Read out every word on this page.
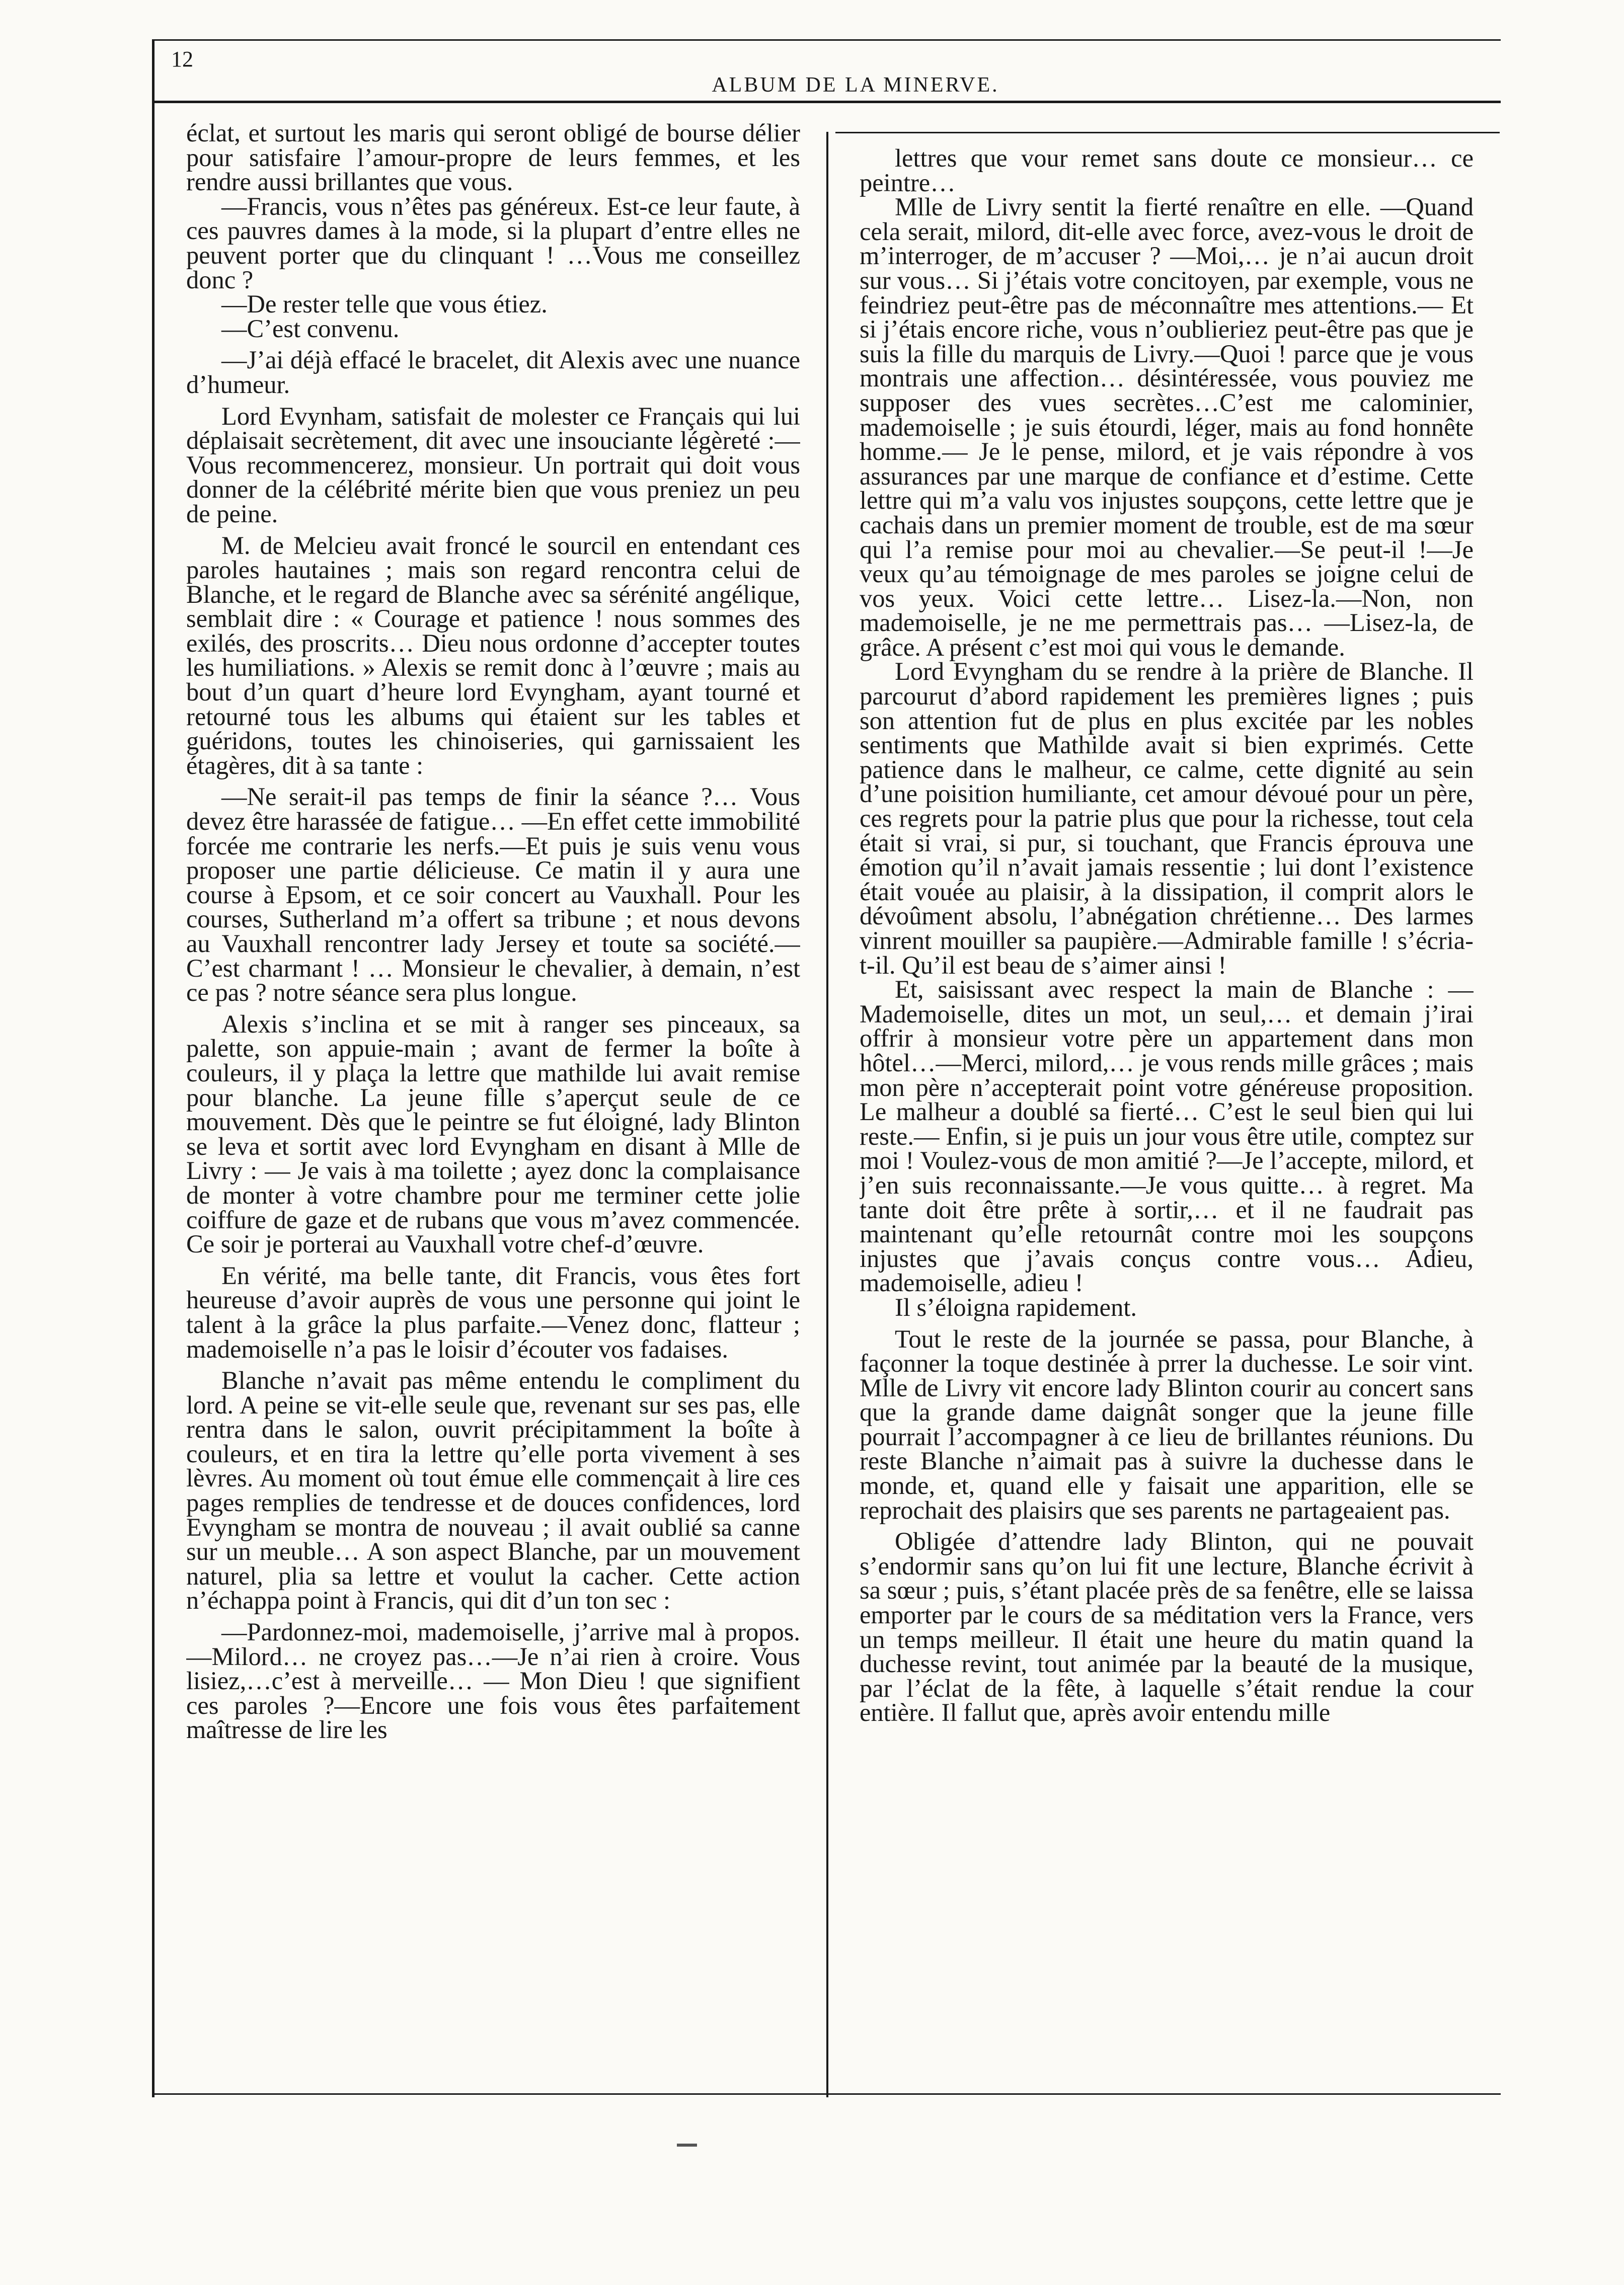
12
ALBUM DE LA MINERVE.

éclat, et surtout les maris qui seront obligé de bourse délier pour satisfaire l’amour-propre de leurs femmes, et les rendre aussi brillantes que vous.

—Francis, vous n’êtes pas généreux. Est-ce leur faute, à ces pauvres dames à la mode, si la plupart d’entre elles ne peuvent porter que du clinquant ! …Vous me conseillez donc ?

—De rester telle que vous étiez.

—C’est convenu.

—J’ai déjà effacé le bracelet, dit Alexis avec une nuance d’humeur.

Lord Evynham, satisfait de molester ce Français qui lui déplaisait secrètement, dit avec une insouciante légèreté :—Vous recommencerez, monsieur. Un portrait qui doit vous donner de la célébrité mérite bien que vous preniez un peu de peine.

M. de Melcieu avait froncé le sourcil en entendant ces paroles hautaines ; mais son regard rencontra celui de Blanche, et le regard de Blanche avec sa sérénité angélique, semblait dire : « Courage et patience ! nous sommes des exilés, des proscrits… Dieu nous ordonne d’accepter toutes les humiliations. » Alexis se remit donc à l’œuvre ; mais au bout d’un quart d’heure lord Evyngham, ayant tourné et retourné tous les albums qui étaient sur les tables et guéridons, toutes les chinoiseries, qui garnissaient les étagères, dit à sa tante :

—Ne serait-il pas temps de finir la séance ?… Vous devez être harassée de fatigue… —En effet cette immobilité forcée me contrarie les nerfs.—Et puis je suis venu vous proposer une partie délicieuse. Ce matin il y aura une course à Epsom, et ce soir concert au Vauxhall. Pour les courses, Sutherland m’a offert sa tribune ; et nous devons au Vauxhall rencontrer lady Jersey et toute sa société.— C’est charmant ! … Monsieur le chevalier, à demain, n’est ce pas ? notre séance sera plus longue.

Alexis s’inclina et se mit à ranger ses pinceaux, sa palette, son appuie-main ; avant de fermer la boîte à couleurs, il y plaça la lettre que mathilde lui avait remise pour blanche. La jeune fille s’aperçut seule de ce mouvement. Dès que le peintre se fut éloigné, lady Blinton se leva et sortit avec lord Evyngham en disant à Mlle de Livry : — Je vais à ma toilette ; ayez donc la complaisance de monter à votre chambre pour me terminer cette jolie coiffure de gaze et de rubans que vous m’avez commencée. Ce soir je porterai au Vauxhall votre chef-d’œuvre.

En vérité, ma belle tante, dit Francis, vous êtes fort heureuse d’avoir auprès de vous une personne qui joint le talent à la grâce la plus parfaite.—Venez donc, flatteur ; mademoiselle n’a pas le loisir d’écouter vos fadaises.

Blanche n’avait pas même entendu le compliment du lord. A peine se vit-elle seule que, revenant sur ses pas, elle rentra dans le salon, ouvrit précipitamment la boîte à couleurs, et en tira la lettre qu’elle porta vivement à ses lèvres. Au moment où tout émue elle commençait à lire ces pages remplies de tendresse et de douces confidences, lord Evyngham se montra de nouveau ; il avait oublié sa canne sur un meuble… A son aspect Blanche, par un mouvement naturel, plia sa lettre et voulut la cacher. Cette action n’échappa point à Francis, qui dit d’un ton sec :

—Pardonnez-moi, mademoiselle, j’arrive mal à propos.—Milord… ne croyez pas…—Je n’ai rien à croire. Vous lisiez,…c’est à merveille… — Mon Dieu ! que signifient ces paroles ?—Encore une fois vous êtes parfaitement maîtresse de lire les

lettres que vour remet sans doute ce monsieur… ce peintre…

Mlle de Livry sentit la fierté renaître en elle. —Quand cela serait, milord, dit-elle avec force, avez-vous le droit de m’interroger, de m’accuser ? —Moi,… je n’ai aucun droit sur vous… Si j’étais votre concitoyen, par exemple, vous ne feindriez peut-être pas de méconnaître mes attentions.— Et si j’étais encore riche, vous n’oublieriez peut-être pas que je suis la fille du marquis de Livry.—Quoi ! parce que je vous montrais une affection… désintéressée, vous pouviez me supposer des vues secrètes…C’est me calominier, mademoiselle ; je suis étourdi, léger, mais au fond honnête homme.— Je le pense, milord, et je vais répondre à vos assurances par une marque de confiance et d’estime. Cette lettre qui m’a valu vos injustes soupçons, cette lettre que je cachais dans un premier moment de trouble, est de ma sœur qui l’a remise pour moi au chevalier.—Se peut-il !—Je veux qu’au témoignage de mes paroles se joigne celui de vos yeux. Voici cette lettre… Lisez-la.—Non, non mademoiselle, je ne me permettrais pas… —Lisez-la, de grâce. A présent c’est moi qui vous le demande.

Lord Evyngham du se rendre à la prière de Blanche. Il parcourut d’abord rapidement les premières lignes ; puis son attention fut de plus en plus excitée par les nobles sentiments que Mathilde avait si bien exprimés. Cette patience dans le malheur, ce calme, cette dignité au sein d’une poisition humiliante, cet amour dévoué pour un père, ces regrets pour la patrie plus que pour la richesse, tout cela était si vrai, si pur, si touchant, que Francis éprouva une émotion qu’il n’avait jamais ressentie ; lui dont l’existence était vouée au plaisir, à la dissipation, il comprit alors le dévoûment absolu, l’abnégation chrétienne… Des larmes vinrent mouiller sa paupière.—Admirable famille ! s’écria-t-il. Qu’il est beau de s’aimer ainsi !

Et, saisissant avec respect la main de Blanche : —Mademoiselle, dites un mot, un seul,… et demain j’irai offrir à monsieur votre père un appartement dans mon hôtel…—Merci, milord,… je vous rends mille grâces ; mais mon père n’accepterait point votre généreuse proposition. Le malheur a doublé sa fierté… C’est le seul bien qui lui reste.— Enfin, si je puis un jour vous être utile, comptez sur moi ! Voulez-vous de mon amitié ?—Je l’accepte, milord, et j’en suis reconnaissante.—Je vous quitte… à regret. Ma tante doit être prête à sortir,… et il ne faudrait pas maintenant qu’elle retournât contre moi les soupçons injustes que j’avais conçus contre vous… Adieu, mademoiselle, adieu !

Il s’éloigna rapidement.

Tout le reste de la journée se passa, pour Blanche, à façonner la toque destinée à prrer la duchesse. Le soir vint. Mlle de Livry vit encore lady Blinton courir au concert sans que la grande dame daignât songer que la jeune fille pourrait l’accompagner à ce lieu de brillantes réunions. Du reste Blanche n’aimait pas à suivre la duchesse dans le monde, et, quand elle y faisait une apparition, elle se reprochait des plaisirs que ses parents ne partageaient pas.

Obligée d’attendre lady Blinton, qui ne pouvait s’endormir sans qu’on lui fit une lecture, Blanche écrivit à sa sœur ; puis, s’étant placée près de sa fenêtre, elle se laissa emporter par le cours de sa méditation vers la France, vers un temps meilleur. Il était une heure du matin quand la duchesse revint, tout animée par la beauté de la musique, par l’éclat de la fête, à laquelle s’était rendue la cour entière. Il fallut que, après avoir entendu mille
